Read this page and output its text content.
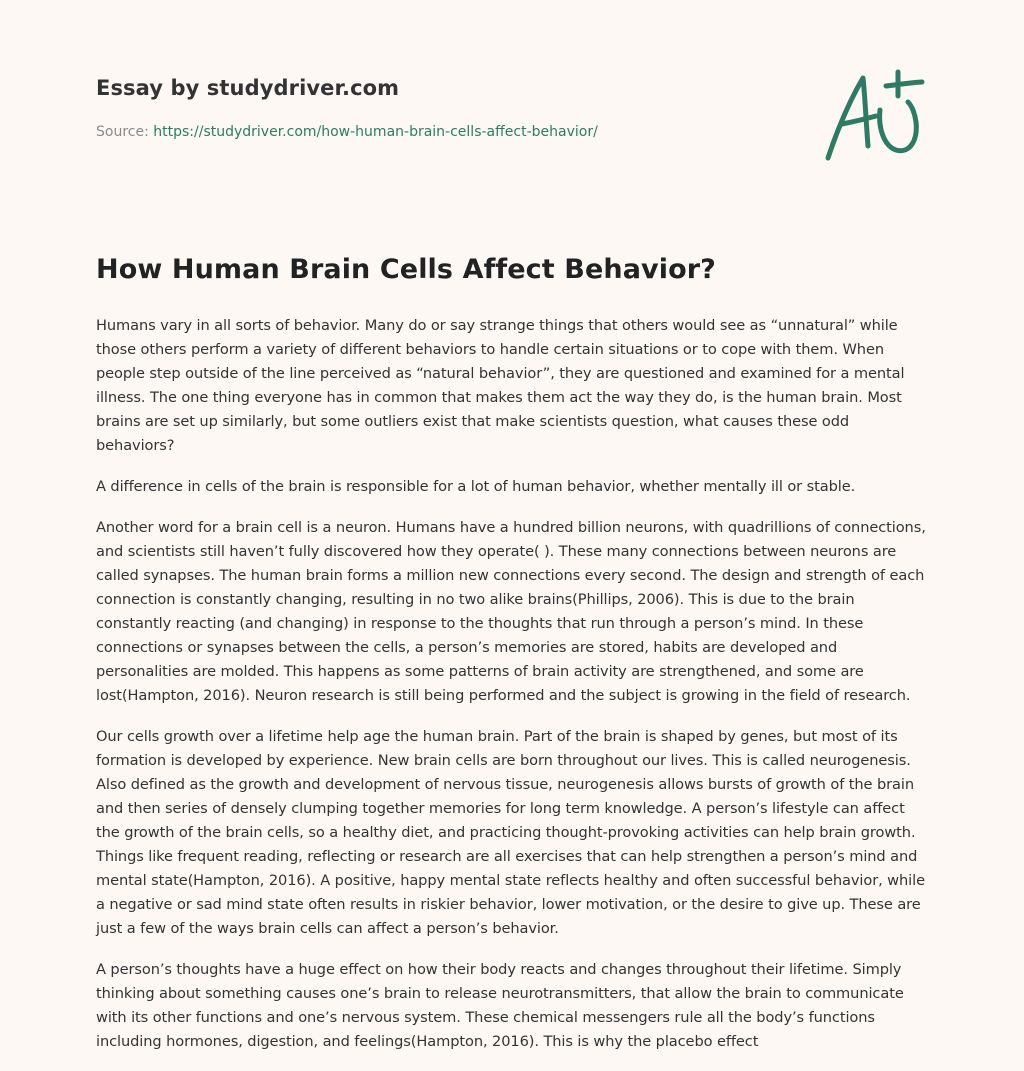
Essay by studydriver.com
Source: https://studydriver.com/how-human-brain-cells-affect-behavior/
How Human Brain Cells Affect Behavior?

Humans vary in all sorts of behavior. Many do or say strange things that others would see as “unnatural” while those others perform a variety of different behaviors to handle certain situations or to cope with them. When people step outside of the line perceived as “natural behavior”, they are questioned and examined for a mental illness. The one thing everyone has in common that makes them act the way they do, is the human brain. Most brains are set up similarly, but some outliers exist that make scientists question, what causes these odd behaviors?

A difference in cells of the brain is responsible for a lot of human behavior, whether mentally ill or stable.

Another word for a brain cell is a neuron. Humans have a hundred billion neurons, with quadrillions of connections, and scientists still haven’t fully discovered how they operate( ). These many connections between neurons are called synapses. The human brain forms a million new connections every second. The design and strength of each connection is constantly changing, resulting in no two alike brains(Phillips, 2006). This is due to the brain constantly reacting (and changing) in response to the thoughts that run through a person’s mind. In these connections or synapses between the cells, a person’s memories are stored, habits are developed and personalities are molded. This happens as some patterns of brain activity are strengthened, and some are lost(Hampton, 2016). Neuron research is still being performed and the subject is growing in the field of research.

Our cells growth over a lifetime help age the human brain. Part of the brain is shaped by genes, but most of its formation is developed by experience. New brain cells are born throughout our lives. This is called neurogenesis. Also defined as the growth and development of nervous tissue, neurogenesis allows bursts of growth of the brain and then series of densely clumping together memories for long term knowledge. A person’s lifestyle can affect the growth of the brain cells, so a healthy diet, and practicing thought-provoking activities can help brain growth. Things like frequent reading, reflecting or research are all exercises that can help strengthen a person’s mind and mental state(Hampton, 2016). A positive, happy mental state reflects healthy and often successful behavior, while a negative or sad mind state often results in riskier behavior, lower motivation, or the desire to give up. These are just a few of the ways brain cells can affect a person’s behavior.

A person’s thoughts have a huge effect on how their body reacts and changes throughout their lifetime. Simply thinking about something causes one’s brain to release neurotransmitters, that allow the brain to communicate with its other functions and one’s nervous system. These chemical messengers rule all the body’s functions including hormones, digestion, and feelings(Hampton, 2016). This is why the placebo effect
